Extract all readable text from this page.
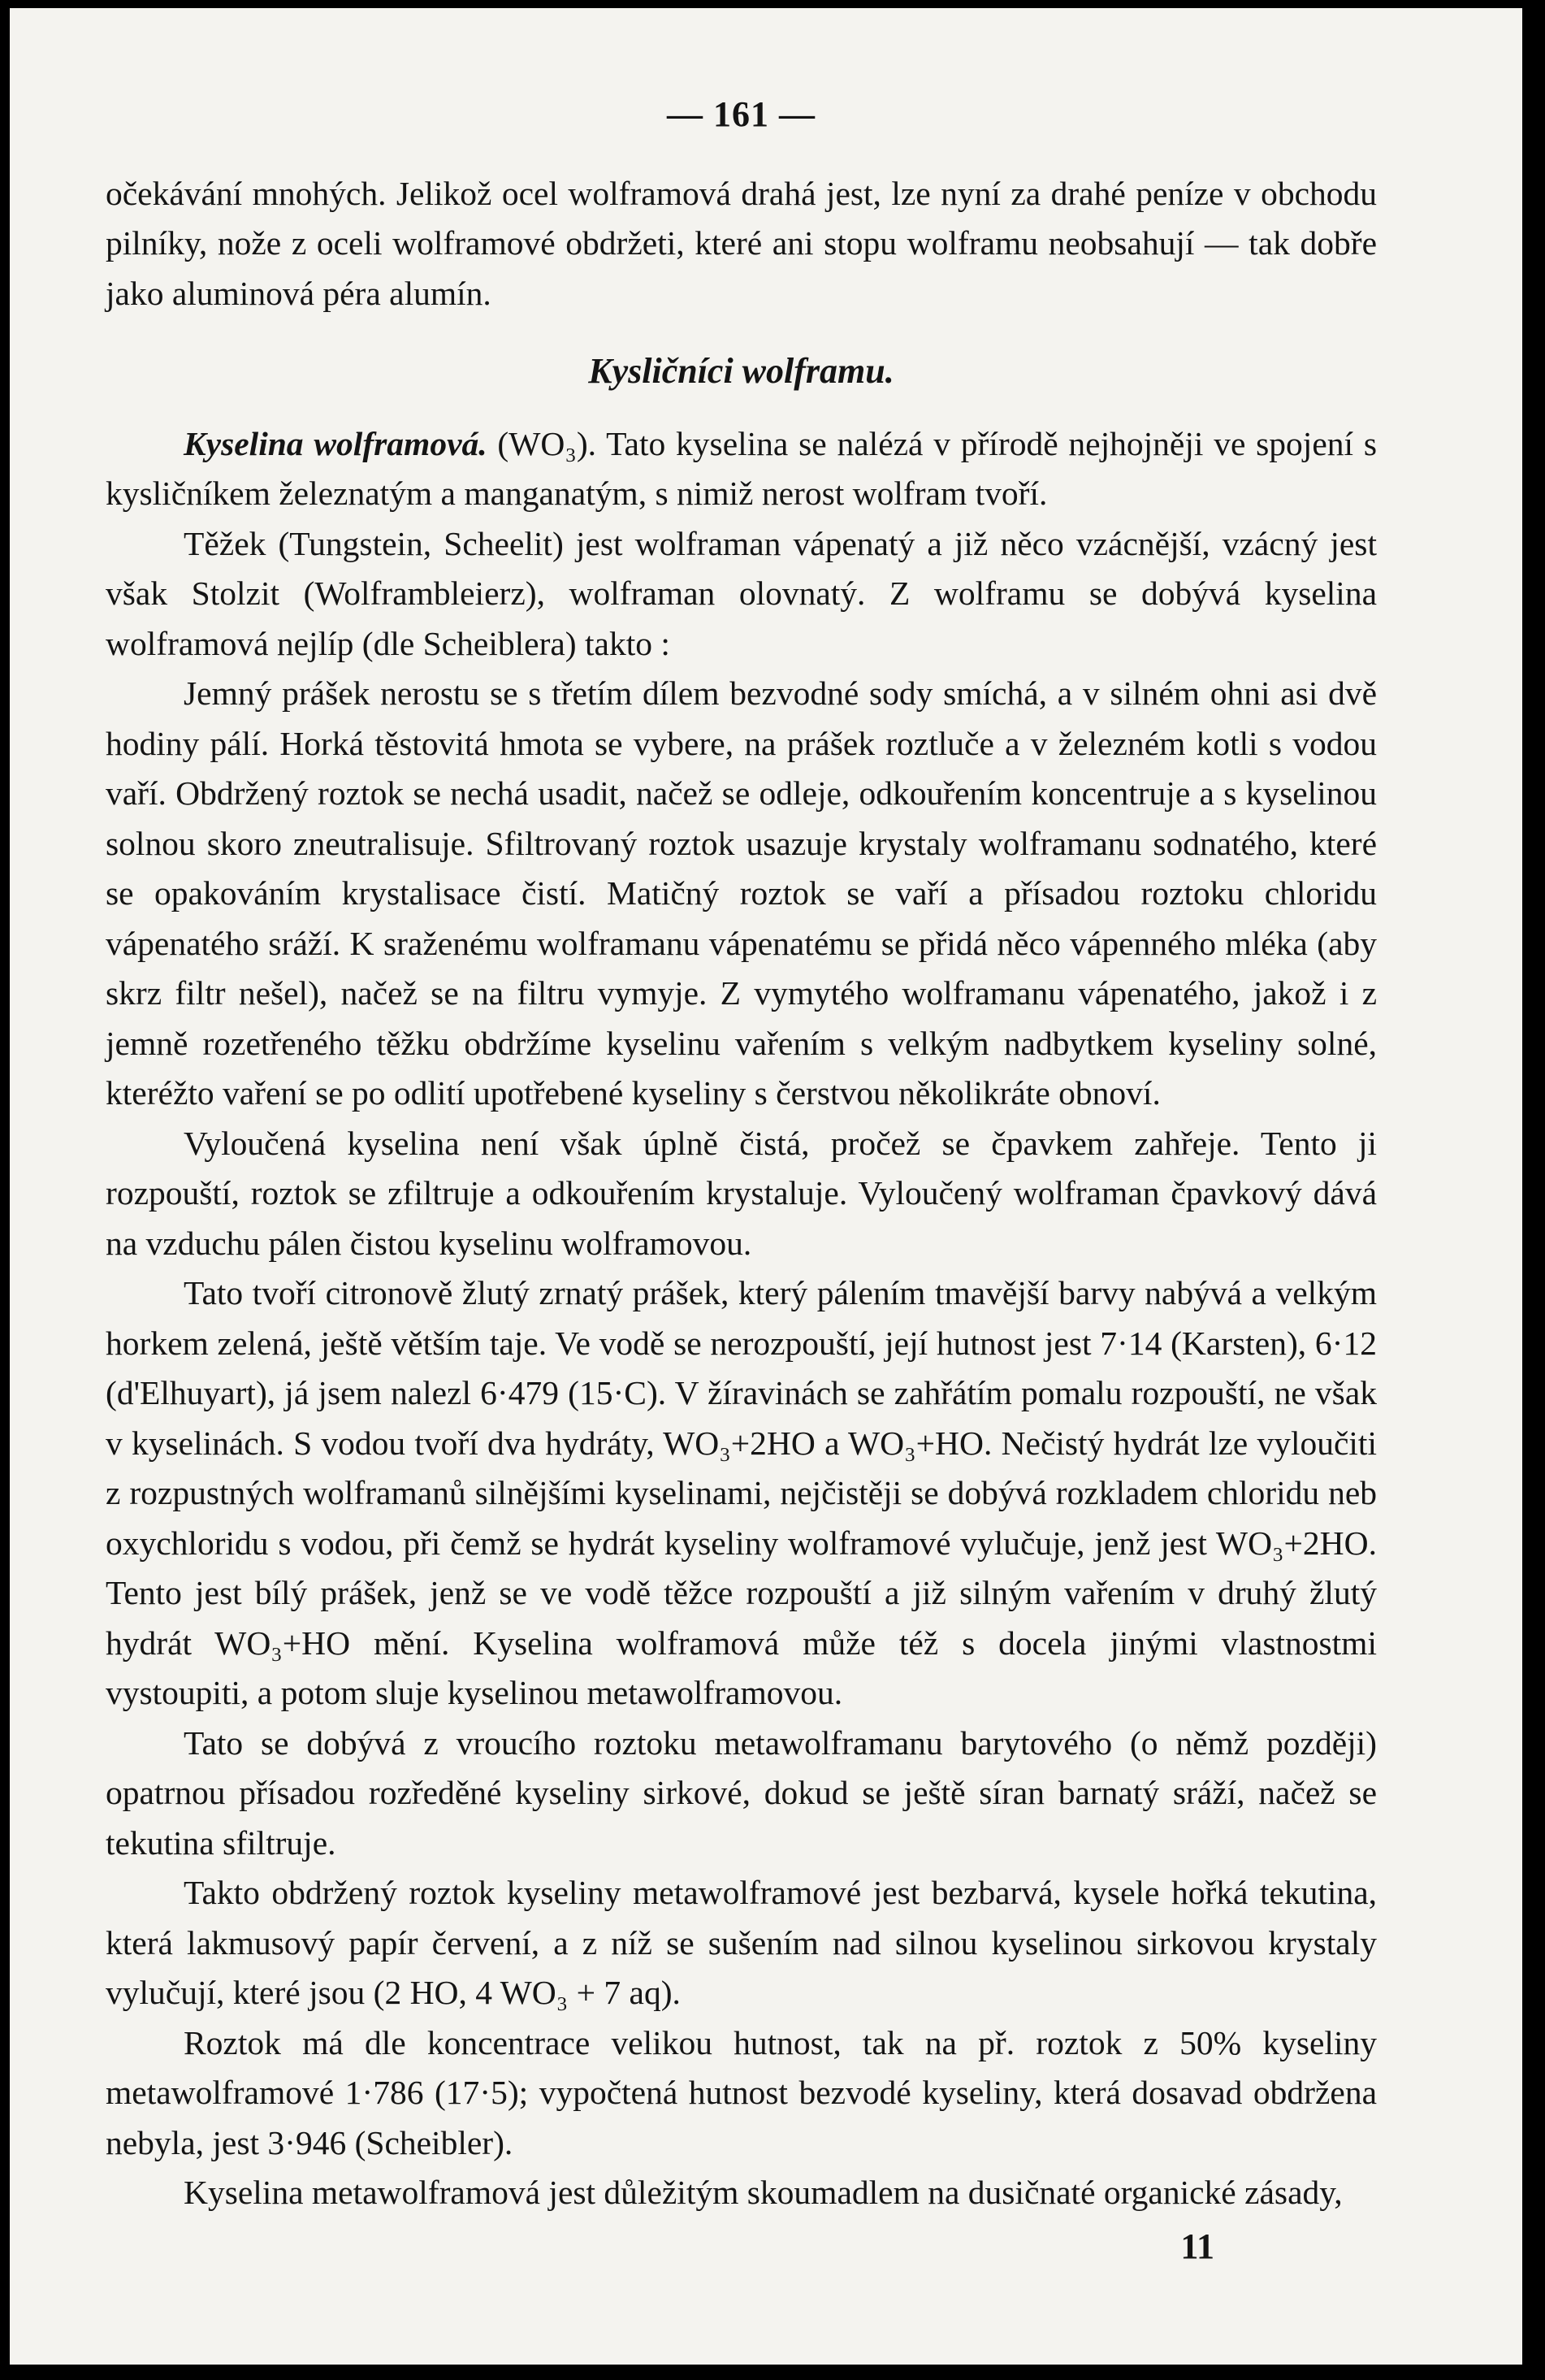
— 161 —

očekávání mnohých. Jelikož ocel wolframová drahá jest, lze nyní za drahé peníze v obchodu pilníky, nože z oceli wolframové obdržeti, které ani stopu wolframu neobsahují — tak dobře jako aluminová péra alumín.

Kysličníci wolframu.

Kyselina wolframová. (WO₃). Tato kyselina se nalézá v přírodě nejhojněji ve spojení s kysličníkem železnatým a manganatým, s nimiž nerost wolfram tvoří.

Těžek (Tungstein, Scheelit) jest wolframan vápenatý a již něco vzácnější, vzácný jest však Stolzit (Wolframbleierz), wolframan olovnatý. Z wolframu se dobývá kyselina wolframová nejlíp (dle Scheiblera) takto :

Jemný prášek nerostu se s třetím dílem bezvodné sody smíchá, a v silném ohni asi dvě hodiny pálí. Horká těstovitá hmota se vybere, na prášek roztluče a v železném kotli s vodou vaří. Obdržený roztok se nechá usadit, načež se odleje, odkouřením koncentruje a s kyselinou solnou skoro zneutralisuje. Sfiltrovaný roztok usazuje krystaly wolframanu sodnatého, které se opakováním krystalisace čistí. Matičný roztok se vaří a přísadou roztoku chloridu vápenatého sráží. K sraženému wolframanu vápenatému se přidá něco vápenného mléka (aby skrz filtr nešel), načež se na filtru vymyje. Z vymytého wolframanu vápenatého, jakož i z jemně rozetřeného těžku obdržíme kyselinu vařením s velkým nadbytkem kyseliny solné, kteréžto vaření se po odlití upotřebené kyseliny s čerstvou několikráte obnoví.

Vyloučená kyselina není však úplně čistá, pročež se čpavkem zahřeje. Tento ji rozpouští, roztok se zfiltruje a odkouřením krystaluje. Vyloučený wolframan čpavkový dává na vzduchu pálen čistou kyselinu wolframovou.

Tato tvoří citronově žlutý zrnatý prášek, který pálením tmavější barvy nabývá a velkým horkem zelená, ještě větším taje. Ve vodě se nerozpouští, její hutnost jest 7·14 (Karsten), 6·12 (d'Elhuyart), já jsem nalezl 6·479 (15·C). V žíravinách se zahřátím pomalu rozpouští, ne však v kyselinách. S vodou tvoří dva hydráty, WO₃+2HO a WO₃+HO. Nečistý hydrát lze vyloučiti z rozpustných wolframanů silnějšími kyselinami, nejčistěji se dobývá rozkladem chloridu neb oxychloridu s vodou, při čemž se hydrát kyseliny wolframové vylučuje, jenž jest WO₃+2HO. Tento jest bílý prášek, jenž se ve vodě těžce rozpouští a již silným vařením v druhý žlutý hydrát WO₃+HO mění. Kyselina wolframová může též s docela jinými vlastnostmi vystoupiti, a potom sluje kyselinou metawolframovou.

Tato se dobývá z vroucího roztoku metawolframanu barytového (o němž později) opatrnou přísadou rozředěné kyseliny sirkové, dokud se ještě síran barnatý sráží, načež se tekutina sfiltruje.

Takto obdržený roztok kyseliny metawolframové jest bezbarvá, kysele hořká tekutina, která lakmusový papír červení, a z níž se sušením nad silnou kyselinou sirkovou krystaly vylučují, které jsou (2 HO, 4 WO₃ + 7 aq).

Roztok má dle koncentrace velikou hutnost, tak na př. roztok z 50% kyseliny metawolframové 1·786 (17·5); vypočtená hutnost bezvodé kyseliny, která dosavad obdržena nebyla, jest 3·946 (Scheibler).

Kyselina metawolframová jest důležitým skoumadlem na dusičnaté organické zásady,

11
